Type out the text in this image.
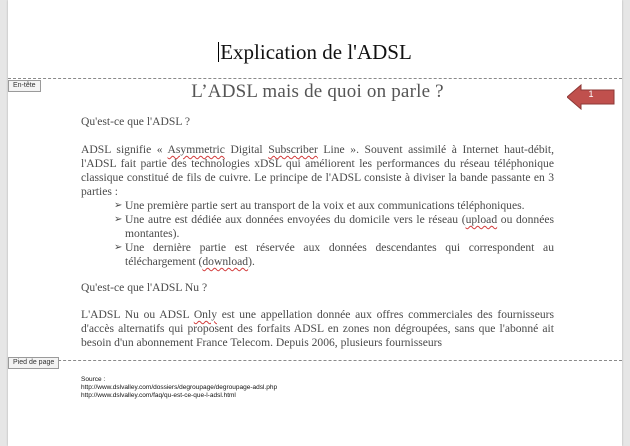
Explication de l'ADSL
En-tête
1
L’ADSL mais de quoi on parle ?

Qu'est-ce que l'ADSL ?

ADSL signifie « Asymmetric Digital Subscriber Line ». Souvent assimilé à Internet haut-débit, l'ADSL fait partie des technologies xDSL qui améliorent les performances du réseau téléphonique classique constitué de fils de cuivre. Le principe de l'ADSL consiste à diviser la bande passante en 3 parties :

➢ Une première partie sert au transport de la voix et aux communications téléphoniques.
➢ Une autre est dédiée aux données envoyées du domicile vers le réseau (upload ou données montantes).
➢ Une dernière partie est réservée aux données descendantes qui correspondent au téléchargement (download).

Qu'est-ce que l'ADSL Nu ?

L'ADSL Nu ou ADSL Only est une appellation donnée aux offres commerciales des fournisseurs d'accès alternatifs qui proposent des forfaits ADSL en zones non dégroupées, sans que l'abonné ait besoin d'un abonnement France Telecom. Depuis 2006, plusieurs fournisseurs

Pied de page
Source :
http://www.dslvalley.com/dossiers/degroupage/degroupage-adsl.php
http://www.dslvalley.com/faq/qu-est-ce-que-l-adsl.html
